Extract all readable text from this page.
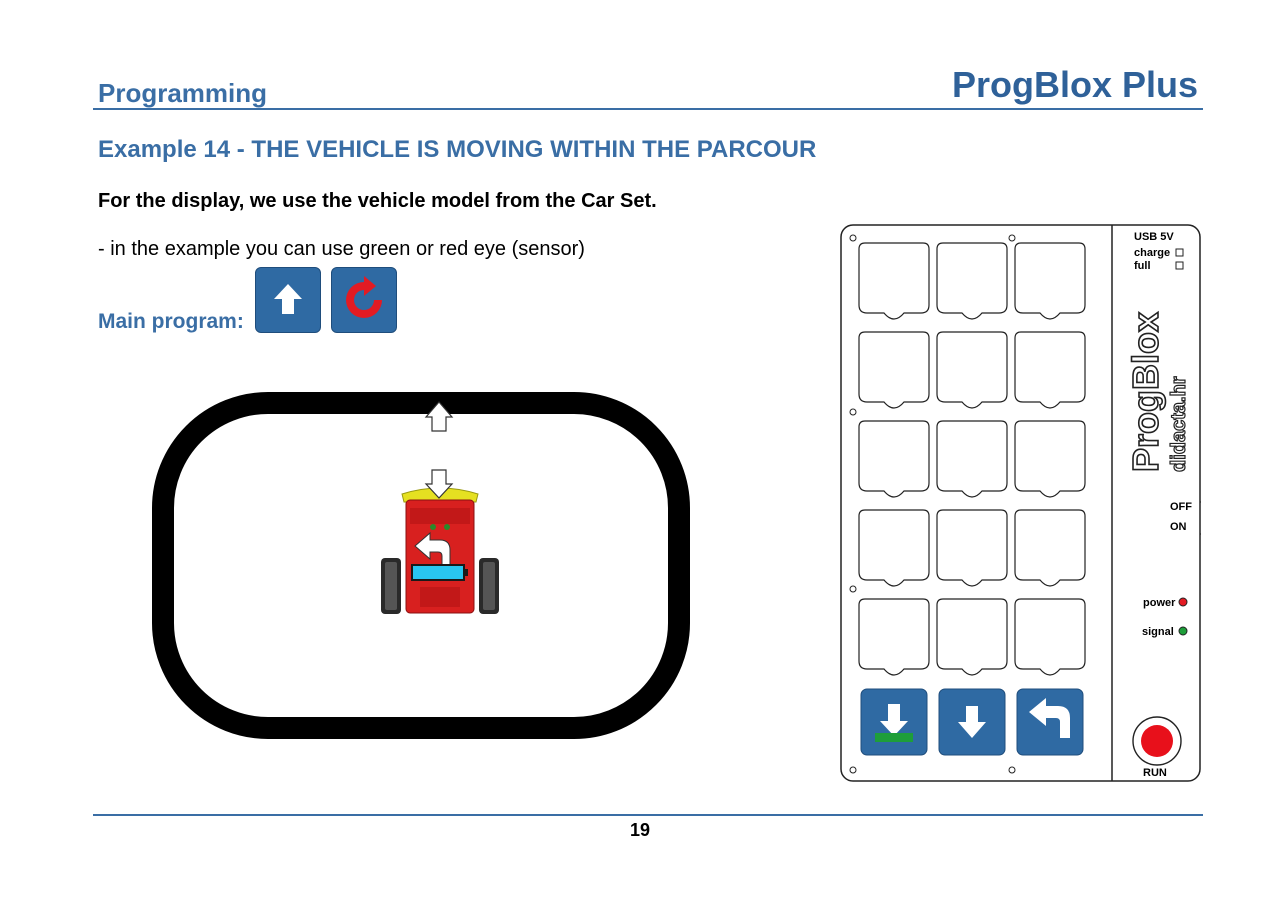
Programming	ProgBlox Plus
Example 14 - THE VEHICLE IS MOVING WITHIN THE PARCOUR
For the display, we use the vehicle model from the Car Set.
- in the example you can use green or red eye (sensor)
Main program:
USB 5V
charge
full
ProgBlox didacta.hr
OFF
ON
power
signal
RUN
19
